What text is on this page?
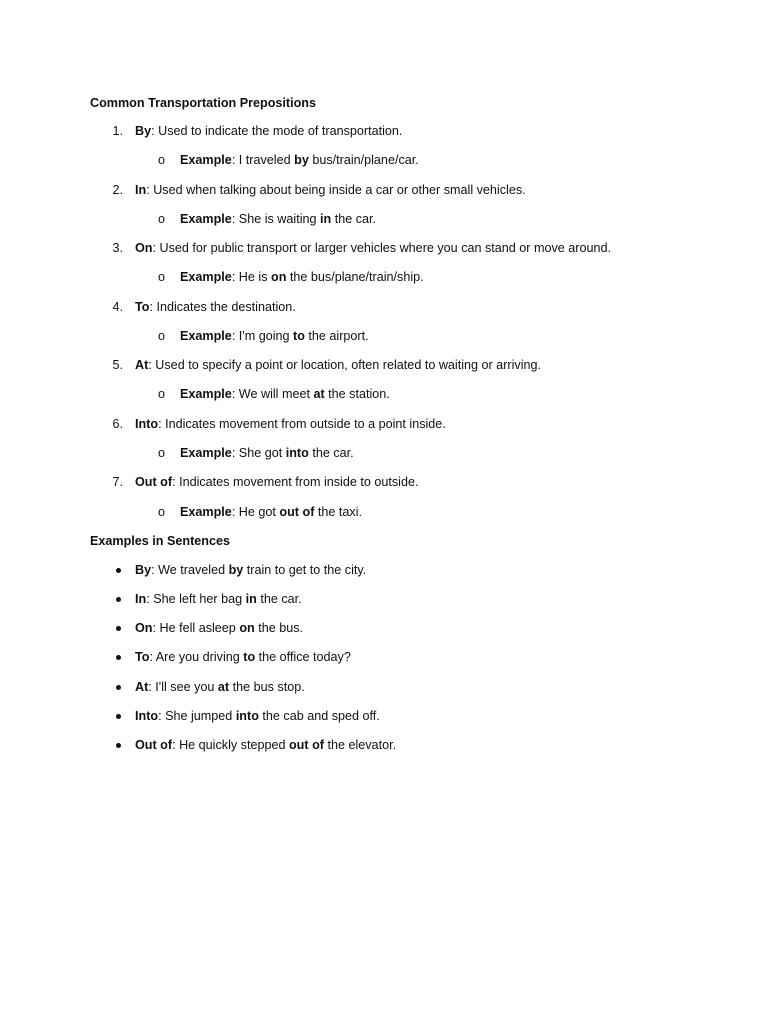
Common Transportation Prepositions
1. By: Used to indicate the mode of transportation.
o Example: I traveled by bus/train/plane/car.
2. In: Used when talking about being inside a car or other small vehicles.
o Example: She is waiting in the car.
3. On: Used for public transport or larger vehicles where you can stand or move around.
o Example: He is on the bus/plane/train/ship.
4. To: Indicates the destination.
o Example: I'm going to the airport.
5. At: Used to specify a point or location, often related to waiting or arriving.
o Example: We will meet at the station.
6. Into: Indicates movement from outside to a point inside.
o Example: She got into the car.
7. Out of: Indicates movement from inside to outside.
o Example: He got out of the taxi.
Examples in Sentences
By: We traveled by train to get to the city.
In: She left her bag in the car.
On: He fell asleep on the bus.
To: Are you driving to the office today?
At: I'll see you at the bus stop.
Into: She jumped into the cab and sped off.
Out of: He quickly stepped out of the elevator.
